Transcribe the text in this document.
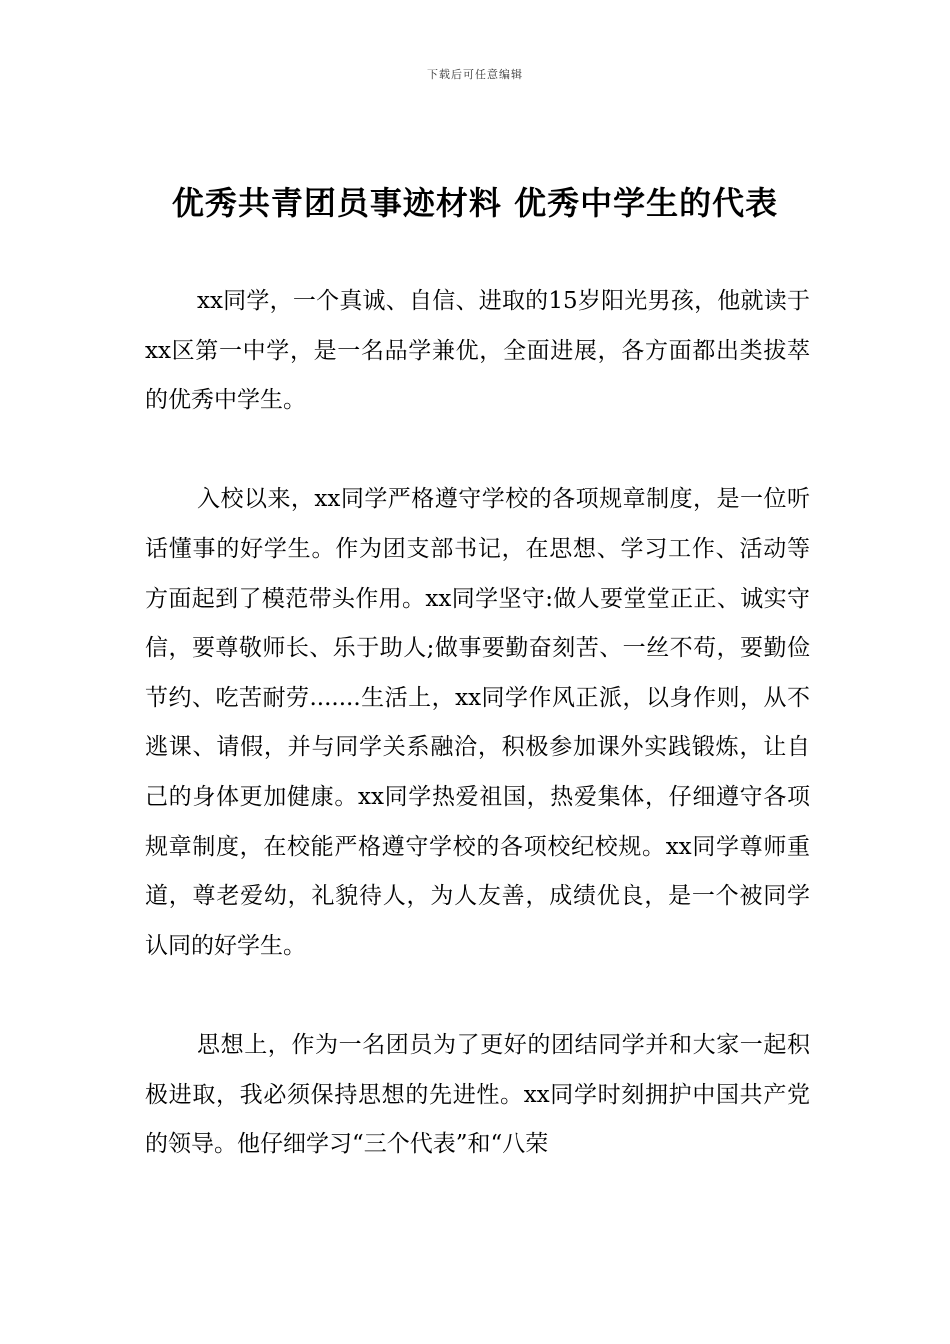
下载后可任意编辑
优秀共青团员事迹材料 优秀中学生的代表

xx同学，一个真诚、自信、进取的15岁阳光男孩，他就读于xx区第一中学，是一名品学兼优，全面进展，各方面都出类拔萃的优秀中学生。

入校以来，xx同学严格遵守学校的各项规章制度，是一位听话懂事的好学生。作为团支部书记，在思想、学习工作、活动等方面起到了模范带头作用。xx同学坚守:做人要堂堂正正、诚实守信，要尊敬师长、乐于助人;做事要勤奋刻苦、一丝不苟，要勤俭节约、吃苦耐劳.......生活上，xx同学作风正派，以身作则，从不逃课、请假，并与同学关系融洽，积极参加课外实践锻炼，让自己的身体更加健康。xx同学热爱祖国，热爱集体，仔细遵守各项规章制度，在校能严格遵守学校的各项校纪校规。xx同学尊师重道，尊老爱幼，礼貌待人，为人友善，成绩优良，是一个被同学认同的好学生。

思想上，作为一名团员为了更好的团结同学并和大家一起积极进取，我必须保持思想的先进性。xx同学时刻拥护中国共产党的领导。他仔细学习“三个代表”和“八荣
